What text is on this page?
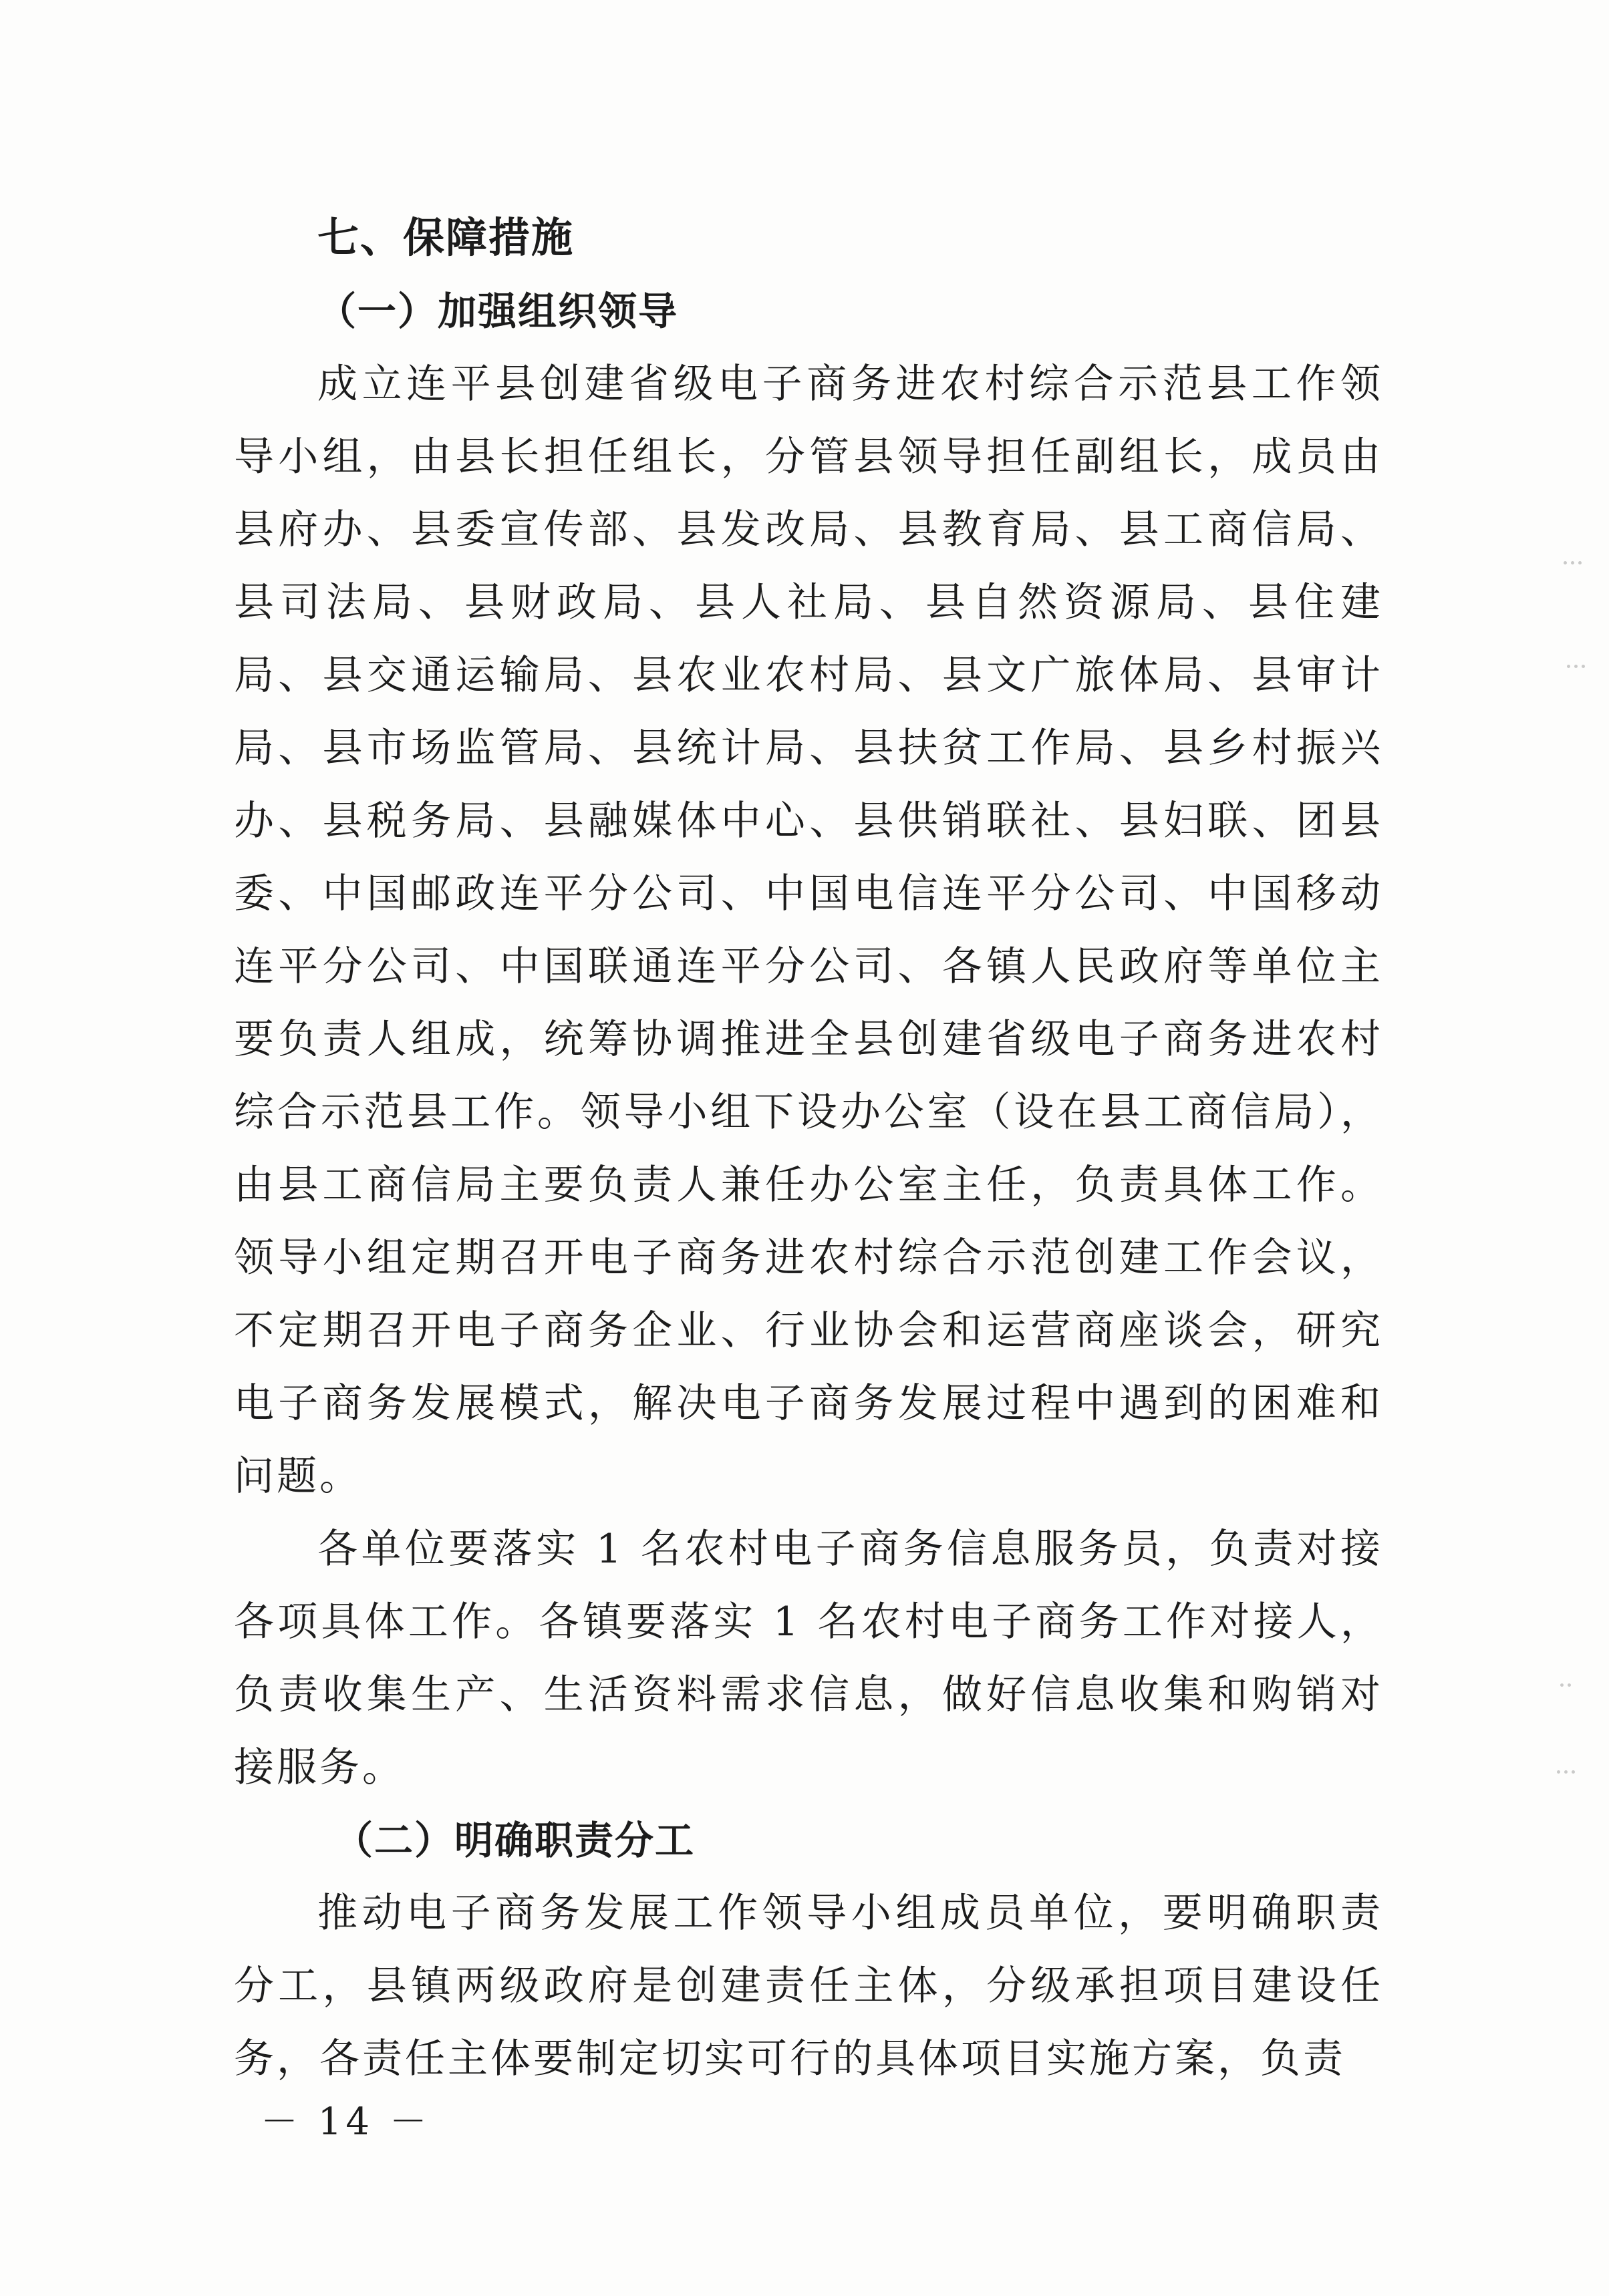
七、保障措施
（一）加强组织领导

成立连平县创建省级电子商务进农村综合示范县工作领导小组，由县长担任组长，分管县领导担任副组长，成员由县府办、县委宣传部、县发改局、县教育局、县工商信局、县司法局、县财政局、县人社局、县自然资源局、县住建局、县交通运输局、县农业农村局、县文广旅体局、县审计局、县市场监管局、县统计局、县扶贫工作局、县乡村振兴办、县税务局、县融媒体中心、县供销联社、县妇联、团县委、中国邮政连平分公司、中国电信连平分公司、中国移动连平分公司、中国联通连平分公司、各镇人民政府等单位主要负责人组成，统筹协调推进全县创建省级电子商务进农村综合示范县工作。领导小组下设办公室（设在县工商信局），由县工商信局主要负责人兼任办公室主任，负责具体工作。领导小组定期召开电子商务进农村综合示范创建工作会议，不定期召开电子商务企业、行业协会和运营商座谈会，研究电子商务发展模式，解决电子商务发展过程中遇到的困难和问题。

各单位要落实 1 名农村电子商务信息服务员，负责对接各项具体工作。各镇要落实 1 名农村电子商务工作对接人，负责收集生产、生活资料需求信息，做好信息收集和购销对接服务。

（二）明确职责分工

推动电子商务发展工作领导小组成员单位，要明确职责分工，县镇两级政府是创建责任主体，分级承担项目建设任务，各责任主体要制定切实可行的具体项目实施方案，负责

－ 14 －
